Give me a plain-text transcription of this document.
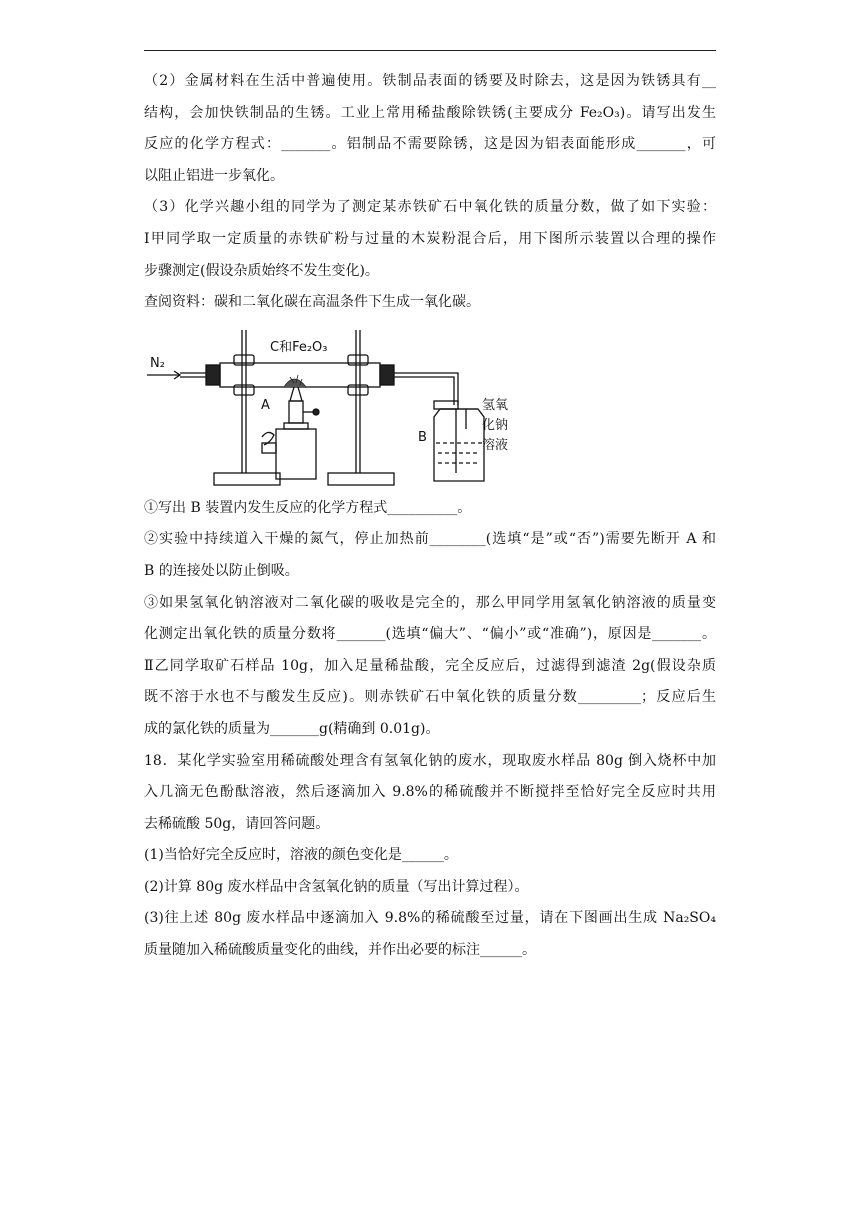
（2）金属材料在生活中普遍使用。铁制品表面的锈要及时除去，这是因为铁锈具有__
结构，会加快铁制品的生锈。工业上常用稀盐酸除铁锈(主要成分 Fe₂O₃)。请写出发生
反应的化学方程式：_______。铝制品不需要除锈，这是因为铝表面能形成_______，可
以阻止铝进一步氧化。
（3）化学兴趣小组的同学为了测定某赤铁矿石中氧化铁的质量分数，做了如下实验：
Ⅰ甲同学取一定质量的赤铁矿粉与过量的木炭粉混合后，用下图所示装置以合理的操作
步骤测定(假设杂质始终不发生变化)。
查阅资料：碳和二氧化碳在高温条件下生成一氧化碳。
N₂
C和Fe₂O₃
A
B
氢氧
化钠
溶液
①写出 B 装置内发生反应的化学方程式__________。
②实验中持续道入干燥的氮气，停止加热前________(选填“是”或“否”)需要先断开 A 和
B 的连接处以防止倒吸。
③如果氢氧化钠溶液对二氧化碳的吸收是完全的，那么甲同学用氢氧化钠溶液的质量变
化测定出氧化铁的质量分数将_______(选填“偏大”、“偏小”或“准确”)，原因是_______。
Ⅱ乙同学取矿石样品 10g，加入足量稀盐酸，完全反应后，过滤得到滤渣 2g(假设杂质
既不溶于水也不与酸发生反应)。则赤铁矿石中氧化铁的质量分数_________；反应后生
成的氯化铁的质量为_______g(精确到 0.01g)。
18．某化学实验室用稀硫酸处理含有氢氧化钠的废水，现取废水样品 80g 倒入烧杯中加
入几滴无色酚酞溶液，然后逐滴加入 9.8%的稀硫酸并不断搅拌至恰好完全反应时共用
去稀硫酸 50g，请回答问题。
(1)当恰好完全反应时，溶液的颜色变化是______。
(2)计算 80g 废水样品中含氢氧化钠的质量（写出计算过程）。
(3)往上述 80g 废水样品中逐滴加入 9.8%的稀硫酸至过量，请在下图画出生成 Na₂SO₄
质量随加入稀硫酸质量变化的曲线，并作出必要的标注______。
